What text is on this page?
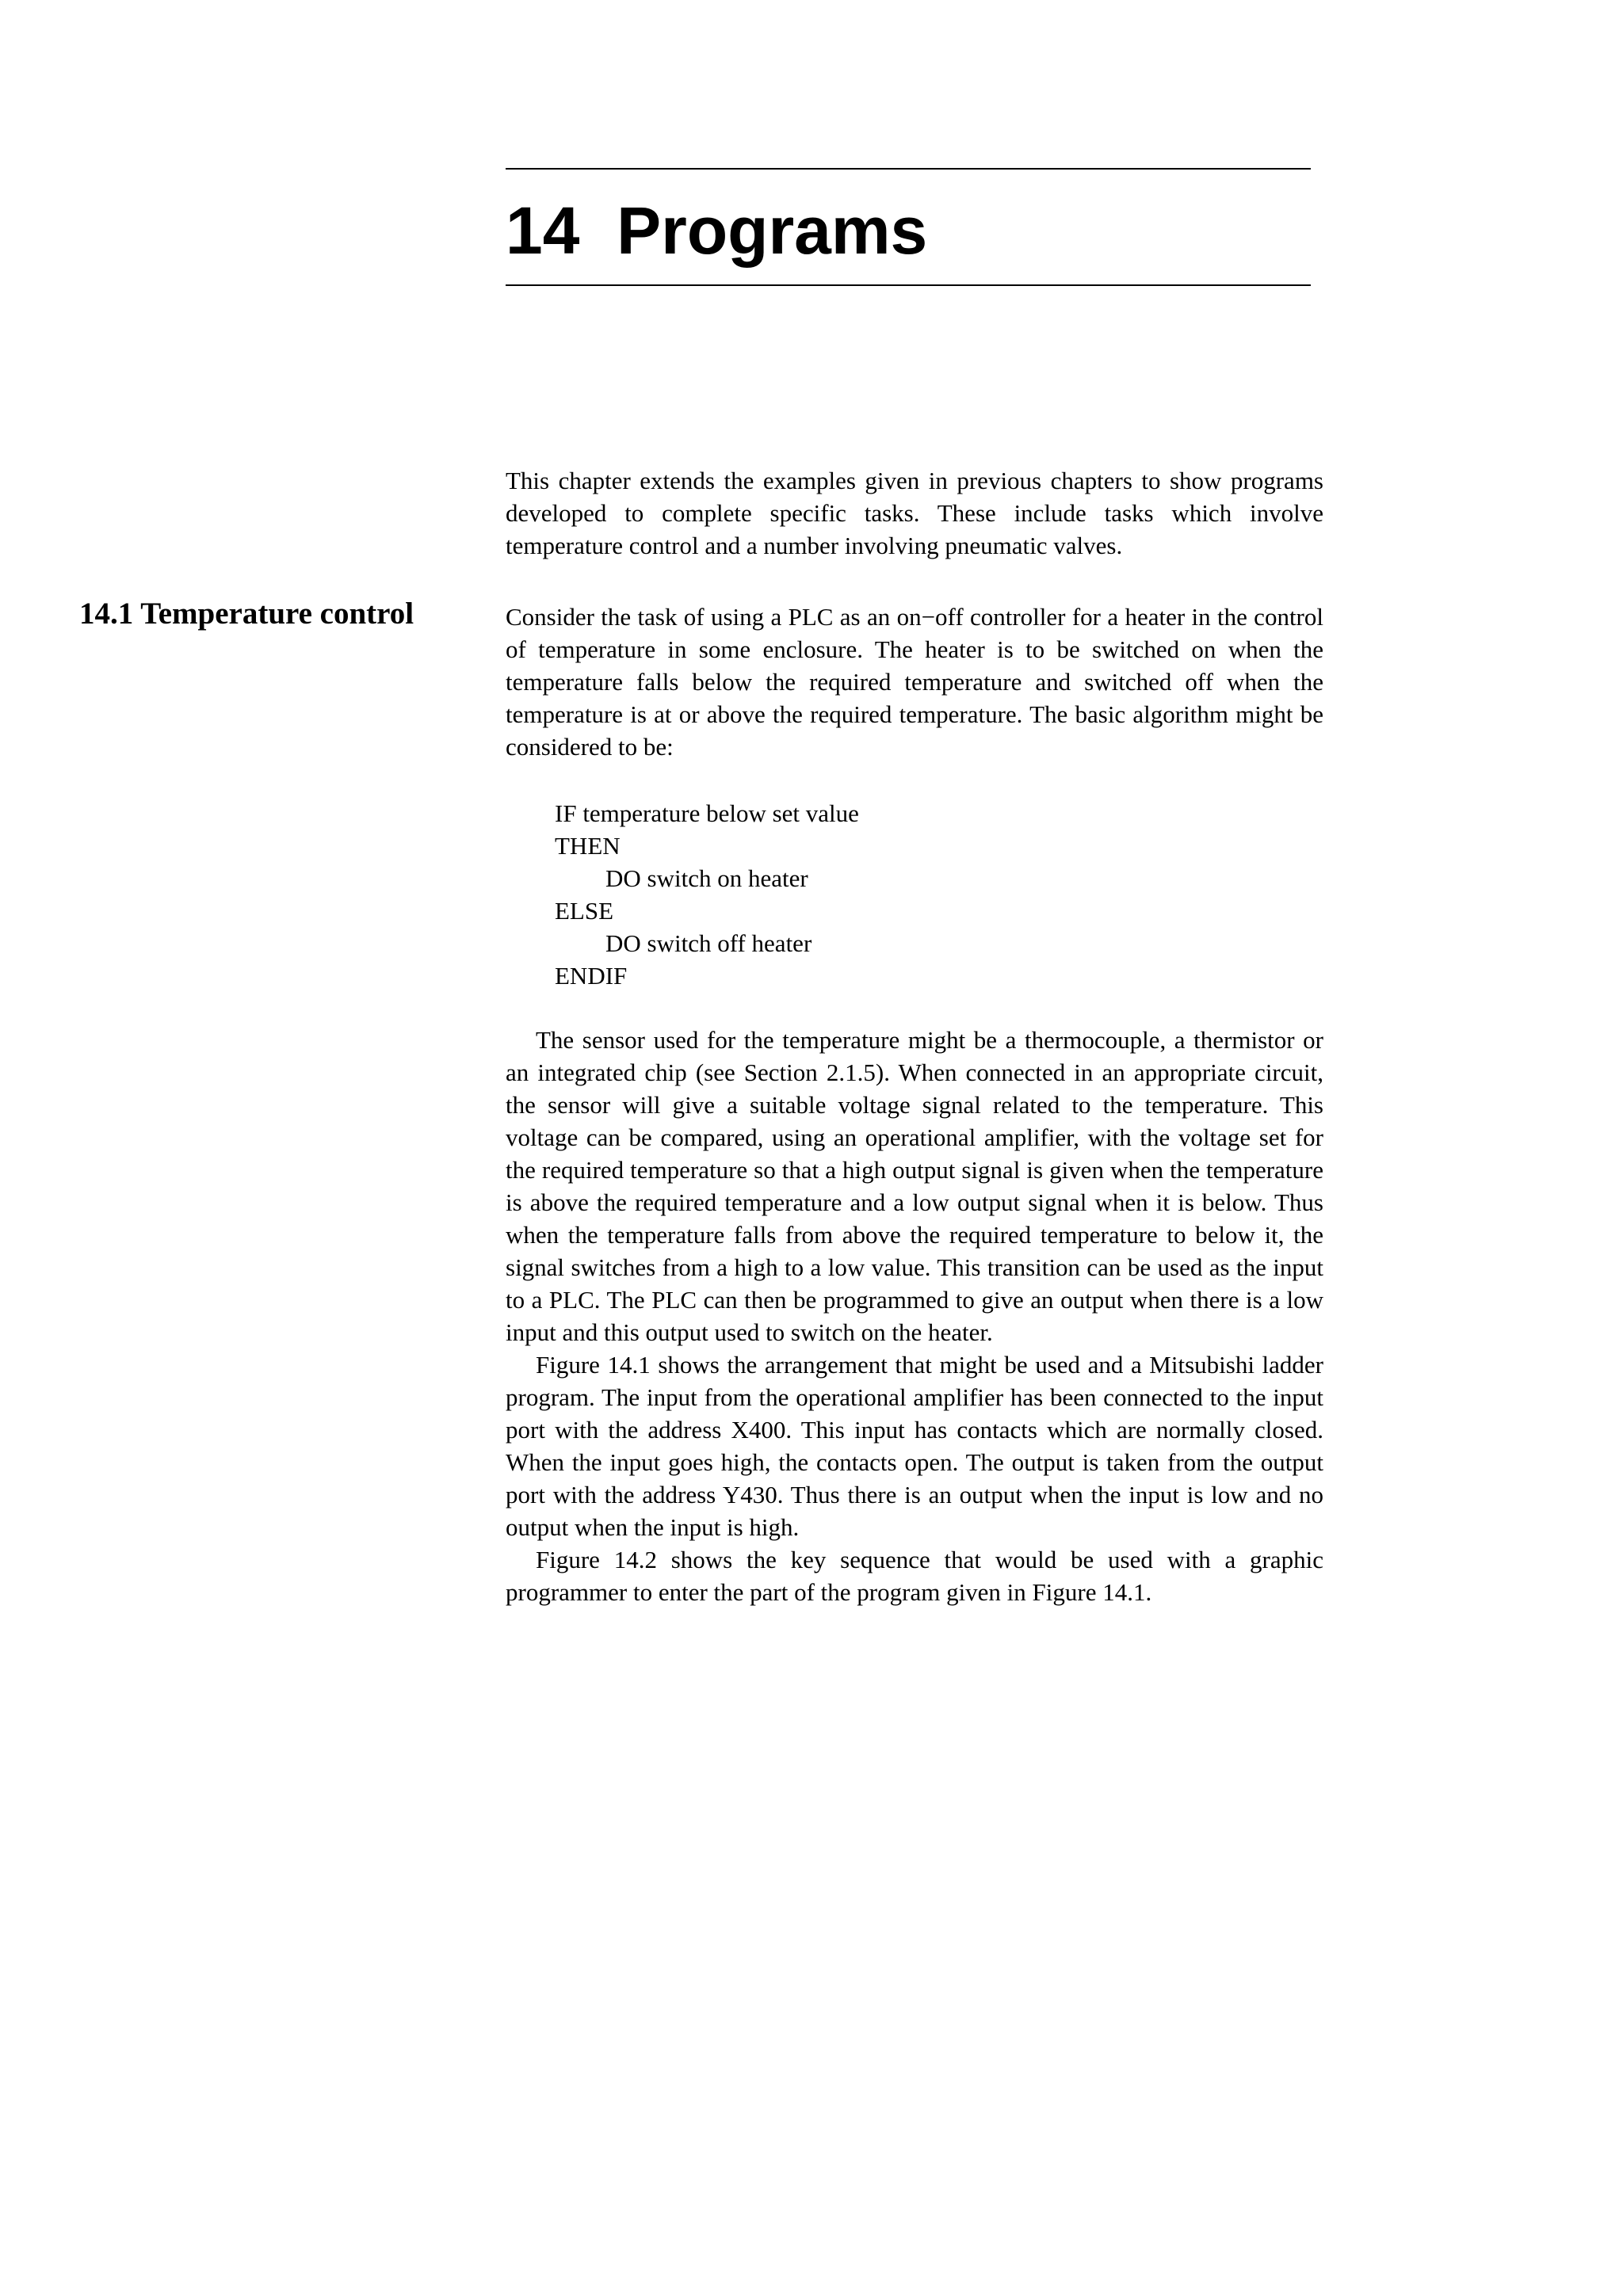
14  Programs

This chapter extends the examples given in previous chapters to show programs developed to complete specific tasks. These include tasks which involve temperature control and a number involving pneumatic valves.

14.1 Temperature control	Consider the task of using a PLC as an on−off controller for a heater in the control of temperature in some enclosure. The heater is to be switched on when the temperature falls below the required temperature and switched off when the temperature is at or above the required temperature. The basic algorithm might be considered to be:

IF temperature below set value
THEN
DO switch on heater
ELSE
DO switch off heater
ENDIF

The sensor used for the temperature might be a thermocouple, a thermistor or an integrated chip (see Section 2.1.5). When connected in an appropriate circuit, the sensor will give a suitable voltage signal related to the temperature. This voltage can be compared, using an operational amplifier, with the voltage set for the required temperature so that a high output signal is given when the temperature is above the required temperature and a low output signal when it is below. Thus when the temperature falls from above the required temperature to below it, the signal switches from a high to a low value. This transition can be used as the input to a PLC. The PLC can then be programmed to give an output when there is a low input and this output used to switch on the heater.

Figure 14.1 shows the arrangement that might be used and a Mitsubishi ladder program. The input from the operational amplifier has been connected to the input port with the address X400. This input has contacts which are normally closed. When the input goes high, the contacts open. The output is taken from the output port with the address Y430. Thus there is an output when the input is low and no output when the input is high.

Figure 14.2 shows the key sequence that would be used with a graphic programmer to enter the part of the program given in Figure 14.1.
